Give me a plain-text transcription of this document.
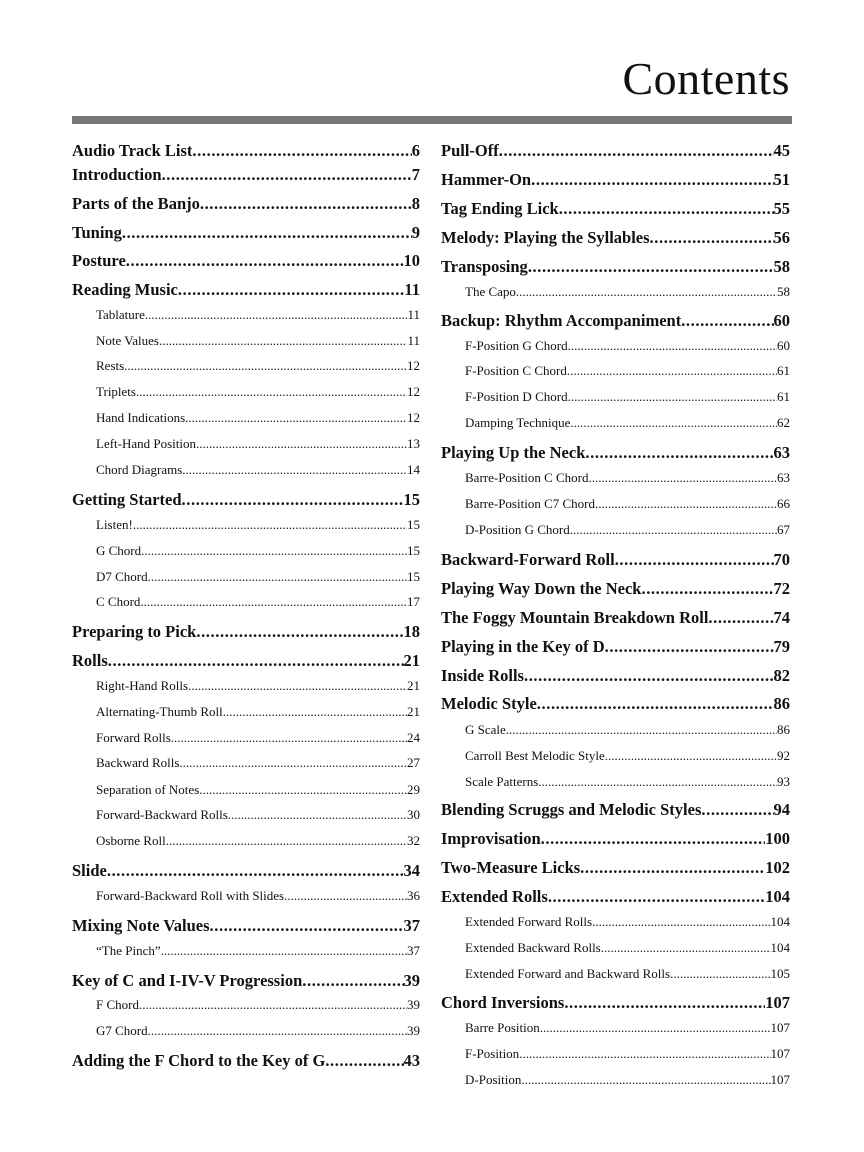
Contents
Audio Track List .....	6
Introduction .....	7
Parts of the Banjo .....	8
Tuning .....	9
Posture .....	10
Reading Music .....	11
Tablature .....	11
Note Values .....	11
Rests .....	12
Triplets .....	12
Hand Indications .....	12
Left-Hand Position .....	13
Chord Diagrams .....	14
Getting Started .....	15
Listen! .....	15
G Chord .....	15
D7 Chord .....	15
C Chord .....	17
Preparing to Pick .....	18
Rolls .....	21
Right-Hand Rolls .....	21
Alternating-Thumb Roll .....	21
Forward Rolls .....	24
Backward Rolls .....	27
Separation of Notes .....	29
Forward-Backward Rolls .....	30
Osborne Roll .....	32
Slide .....	34
Forward-Backward Roll with Slides .....	36
Mixing Note Values .....	37
“The Pinch” .....	37
Key of C and I-IV-V Progression .....	39
F Chord .....	39
G7 Chord .....	39
Adding the F Chord to the Key of G .....	43
Pull-Off .....	45
Hammer-On .....	51
Tag Ending Lick .....	55
Melody: Playing the Syllables .....	56
Transposing .....	58
The Capo .....	58
Backup: Rhythm Accompaniment .....	60
F-Position G Chord .....	60
F-Position C Chord .....	61
F-Position D Chord .....	61
Damping Technique .....	62
Playing Up the Neck .....	63
Barre-Position C Chord .....	63
Barre-Position C7 Chord .....	66
D-Position G Chord .....	67
Backward-Forward Roll .....	70
Playing Way Down the Neck .....	72
The Foggy Mountain Breakdown Roll .....	74
Playing in the Key of D .....	79
Inside Rolls .....	82
Melodic Style .....	86
G Scale .....	86
Carroll Best Melodic Style .....	92
Scale Patterns .....	93
Blending Scruggs and Melodic Styles .....	94
Improvisation .....	100
Two-Measure Licks .....	102
Extended Rolls .....	104
Extended Forward Rolls .....	104
Extended Backward Rolls .....	104
Extended Forward and Backward Rolls .....	105
Chord Inversions .....	107
Barre Position .....	107
F-Position .....	107
D-Position .....	107
